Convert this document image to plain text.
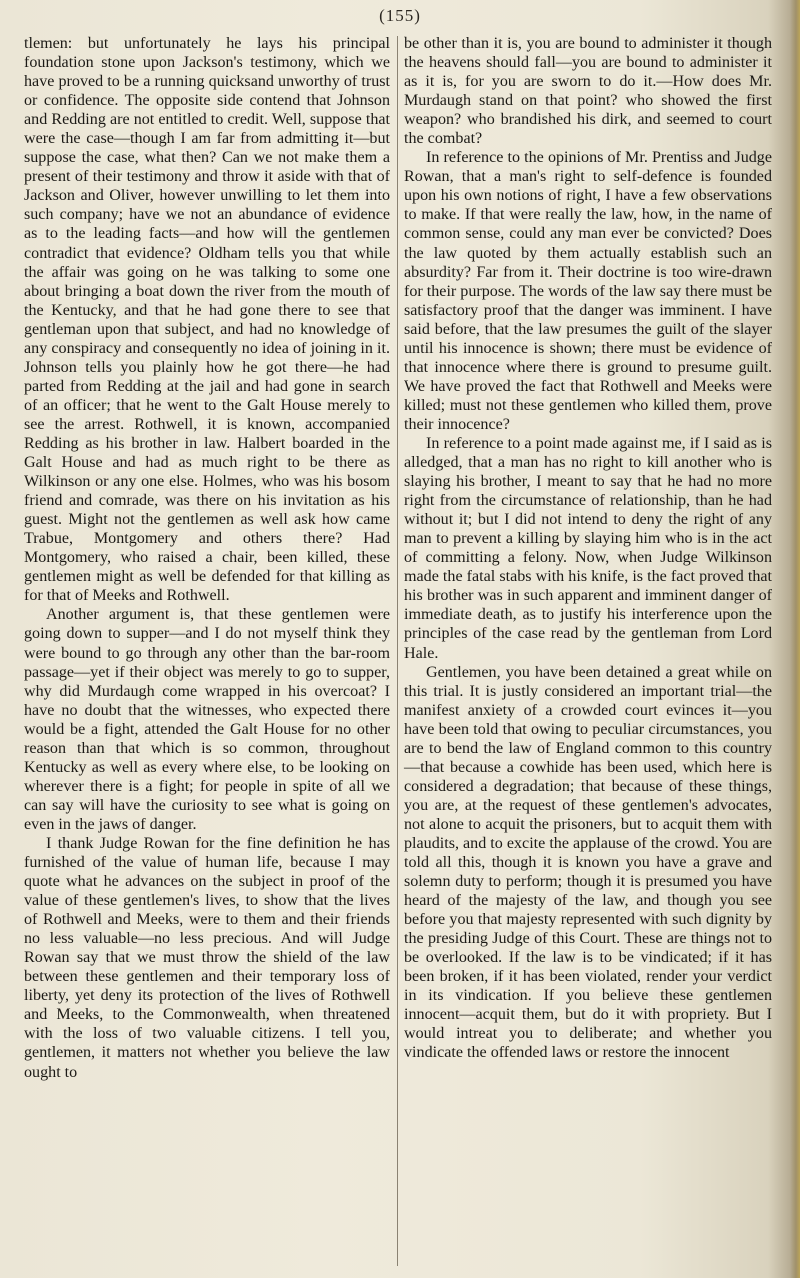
(155)

tlemen: but unfortunately he lays his principal foundation stone upon Jackson's testimony, which we have proved to be a running quicksand unworthy of trust or confidence. The opposite side contend that Johnson and Redding are not entitled to credit. Well, suppose that were the case—though I am far from admitting it—but suppose the case, what then? Can we not make them a present of their testimony and throw it aside with that of Jackson and Oliver, however unwilling to let them into such company; have we not an abundance of evidence as to the leading facts—and how will the gentlemen contradict that evidence? Oldham tells you that while the affair was going on he was talking to some one about bringing a boat down the river from the mouth of the Kentucky, and that he had gone there to see that gentleman upon that subject, and had no knowledge of any conspiracy and consequently no idea of joining in it. Johnson tells you plainly how he got there—he had parted from Redding at the jail and had gone in search of an officer; that he went to the Galt House merely to see the arrest. Rothwell, it is known, accompanied Redding as his brother in law. Halbert boarded in the Galt House and had as much right to be there as Wilkinson or any one else. Holmes, who was his bosom friend and comrade, was there on his invitation as his guest. Might not the gentlemen as well ask how came Trabue, Montgomery and others there? Had Montgomery, who raised a chair, been killed, these gentlemen might as well be defended for that killing as for that of Meeks and Rothwell.

Another argument is, that these gentlemen were going down to supper—and I do not myself think they were bound to go through any other than the bar-room passage—yet if their object was merely to go to supper, why did Murdaugh come wrapped in his overcoat? I have no doubt that the witnesses, who expected there would be a fight, attended the Galt House for no other reason than that which is so common, throughout Kentucky as well as every where else, to be looking on wherever there is a fight; for people in spite of all we can say will have the curiosity to see what is going on even in the jaws of danger.

I thank Judge Rowan for the fine definition he has furnished of the value of human life, because I may quote what he advances on the subject in proof of the value of these gentlemen's lives, to show that the lives of Rothwell and Meeks, were to them and their friends no less valuable—no less precious. And will Judge Rowan say that we must throw the shield of the law between these gentlemen and their temporary loss of liberty, yet deny its protection of the lives of Rothwell and Meeks, to the Commonwealth, when threatened with the loss of two valuable citizens. I tell you, gentlemen, it matters not whether you believe the law ought to

be other than it is, you are bound to administer it though the heavens should fall—you are bound to administer it as it is, for you are sworn to do it.—How does Mr. Murdaugh stand on that point? who showed the first weapon? who brandished his dirk, and seemed to court the combat?

In reference to the opinions of Mr. Prentiss and Judge Rowan, that a man's right to self-defence is founded upon his own notions of right, I have a few observations to make. If that were really the law, how, in the name of common sense, could any man ever be convicted? Does the law quoted by them actually establish such an absurdity? Far from it. Their doctrine is too wire-drawn for their purpose. The words of the law say there must be satisfactory proof that the danger was imminent. I have said before, that the law presumes the guilt of the slayer until his innocence is shown; there must be evidence of that innocence where there is ground to presume guilt. We have proved the fact that Rothwell and Meeks were killed; must not these gentlemen who killed them, prove their innocence?

In reference to a point made against me, if I said as is alledged, that a man has no right to kill another who is slaying his brother, I meant to say that he had no more right from the circumstance of relationship, than he had without it; but I did not intend to deny the right of any man to prevent a killing by slaying him who is in the act of committing a felony. Now, when Judge Wilkinson made the fatal stabs with his knife, is the fact proved that his brother was in such apparent and imminent danger of immediate death, as to justify his interference upon the principles of the case read by the gentleman from Lord Hale.

Gentlemen, you have been detained a great while on this trial. It is justly considered an important trial—the manifest anxiety of a crowded court evinces it—you have been told that owing to peculiar circumstances, you are to bend the law of England common to this country—that because a cowhide has been used, which here is considered a degradation; that because of these things, you are, at the request of these gentlemen's advocates, not alone to acquit the prisoners, but to acquit them with plaudits, and to excite the applause of the crowd. You are told all this, though it is known you have a grave and solemn duty to perform; though it is presumed you have heard of the majesty of the law, and though you see before you that majesty represented with such dignity by the presiding Judge of this Court. These are things not to be overlooked. If the law is to be vindicated; if it has been broken, if it has been violated, render your verdict in its vindication. If you believe these gentlemen innocent—acquit them, but do it with propriety. But I would intreat you to deliberate; and whether you vindicate the offended laws or restore the innocent
